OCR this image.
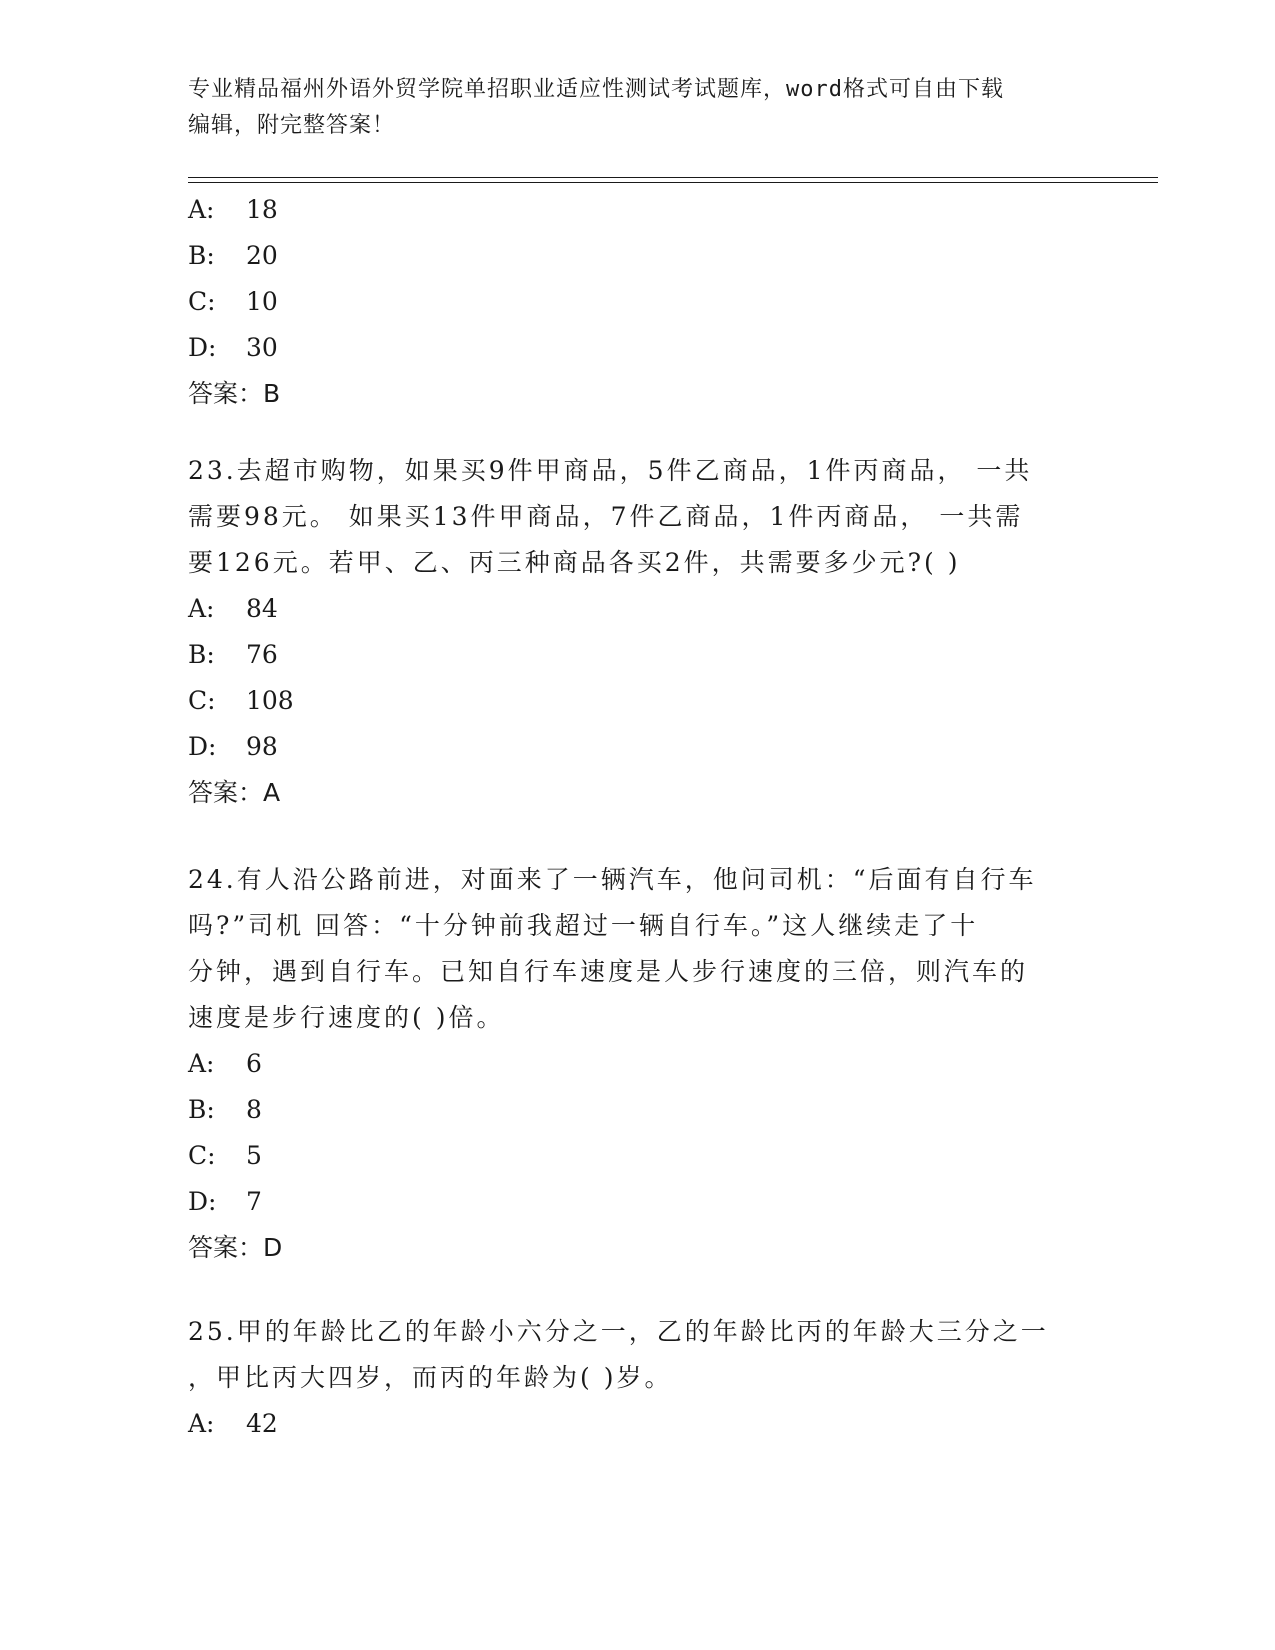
专业精品福州外语外贸学院单招职业适应性测试考试题库，word格式可自由下载
编辑，附完整答案！
A: 18
B: 20
C: 10
D: 30
答案：B
23.去超市购物，如果买9件甲商品，5件乙商品，1件丙商品， 一共
需要98元。 如果买13件甲商品，7件乙商品，1件丙商品， 一共需
要126元。若甲、乙、丙三种商品各买2件，共需要多少元?( )
A: 84
B: 76
C: 108
D: 98
答案：A
24.有人沿公路前进，对面来了一辆汽车，他问司机：“后面有自行车
吗?”司机 回答：“十分钟前我超过一辆自行车。”这人继续走了十
分钟，遇到自行车。已知自行车速度是人步行速度的三倍，则汽车的
速度是步行速度的( )倍。
A: 6
B: 8
C: 5
D: 7
答案：D
25.甲的年龄比乙的年龄小六分之一，乙的年龄比丙的年龄大三分之一
，甲比丙大四岁，而丙的年龄为( )岁。
A: 42
